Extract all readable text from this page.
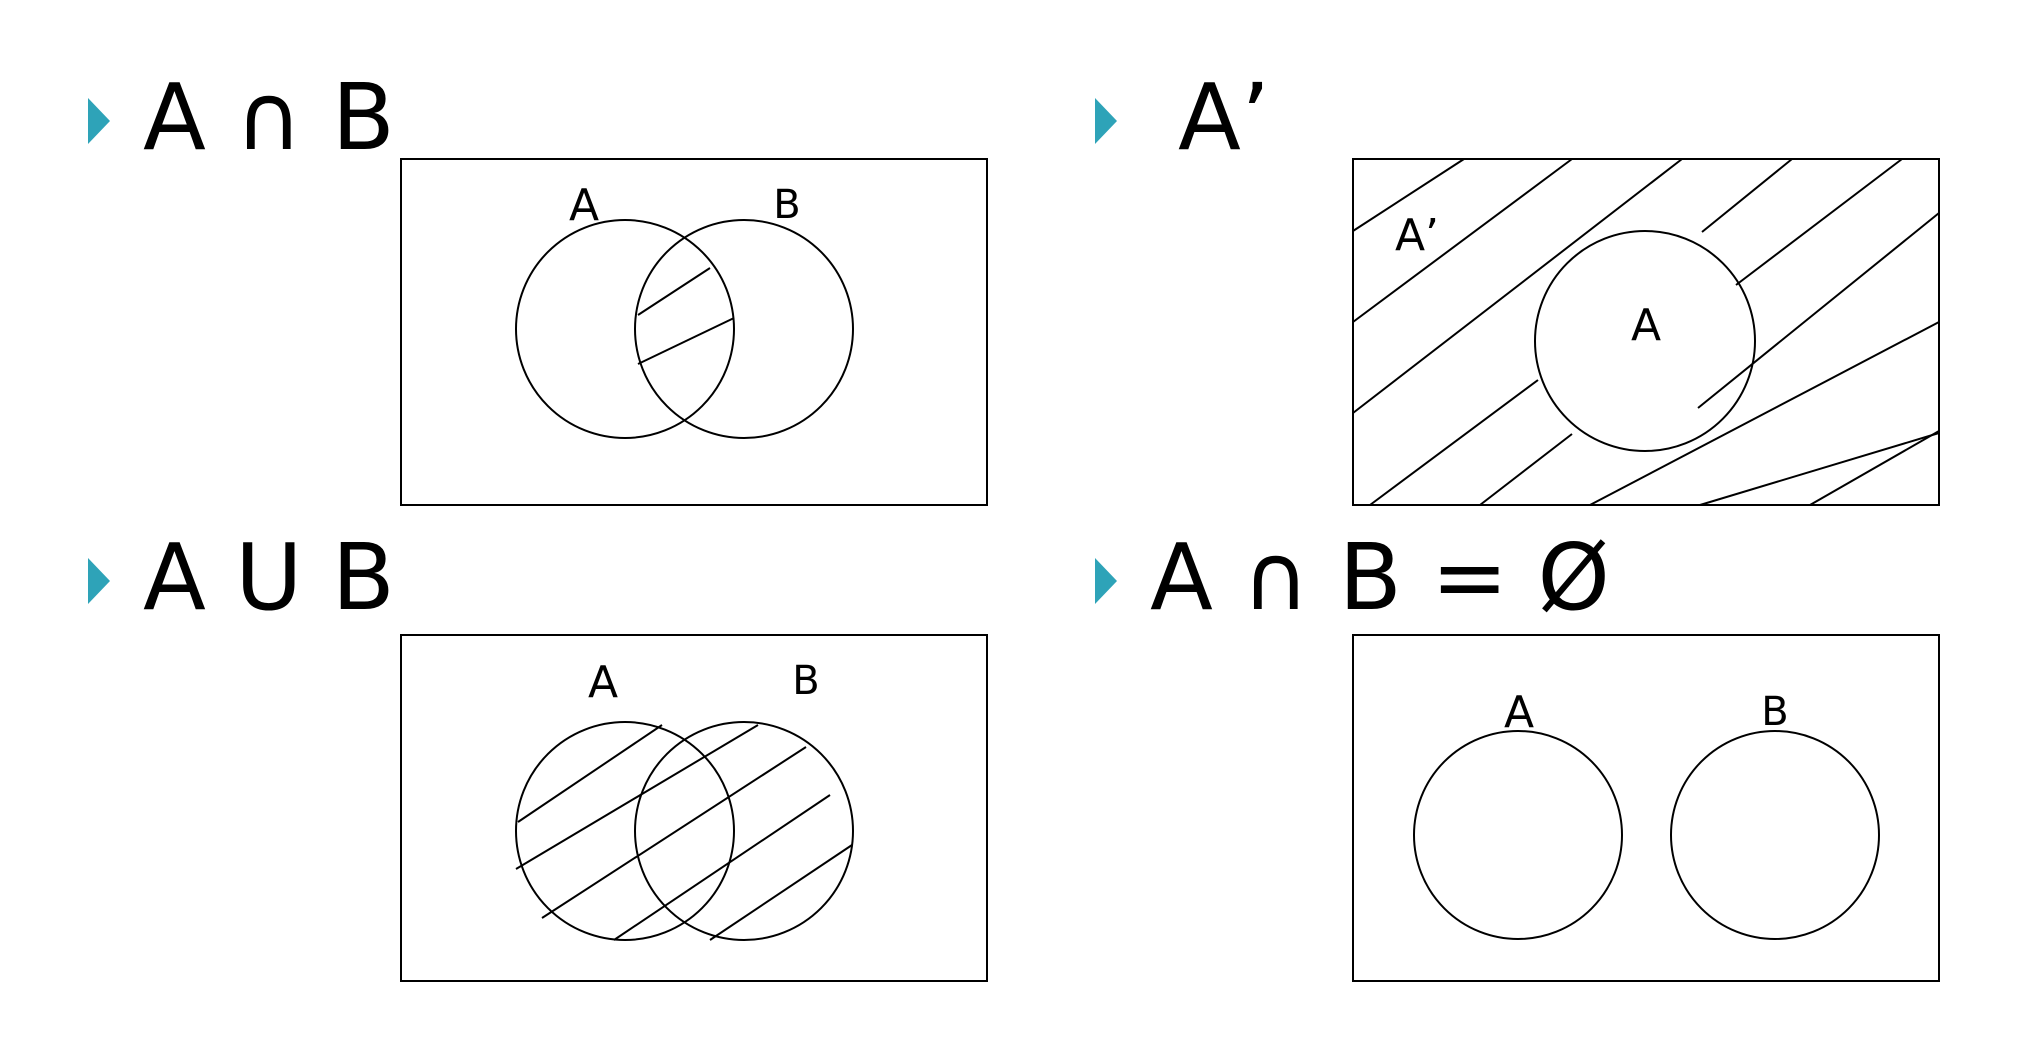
A ∩ B
A	B
A’
A’
A
A U B
A	B
A ∩ B = Ø
A	B
